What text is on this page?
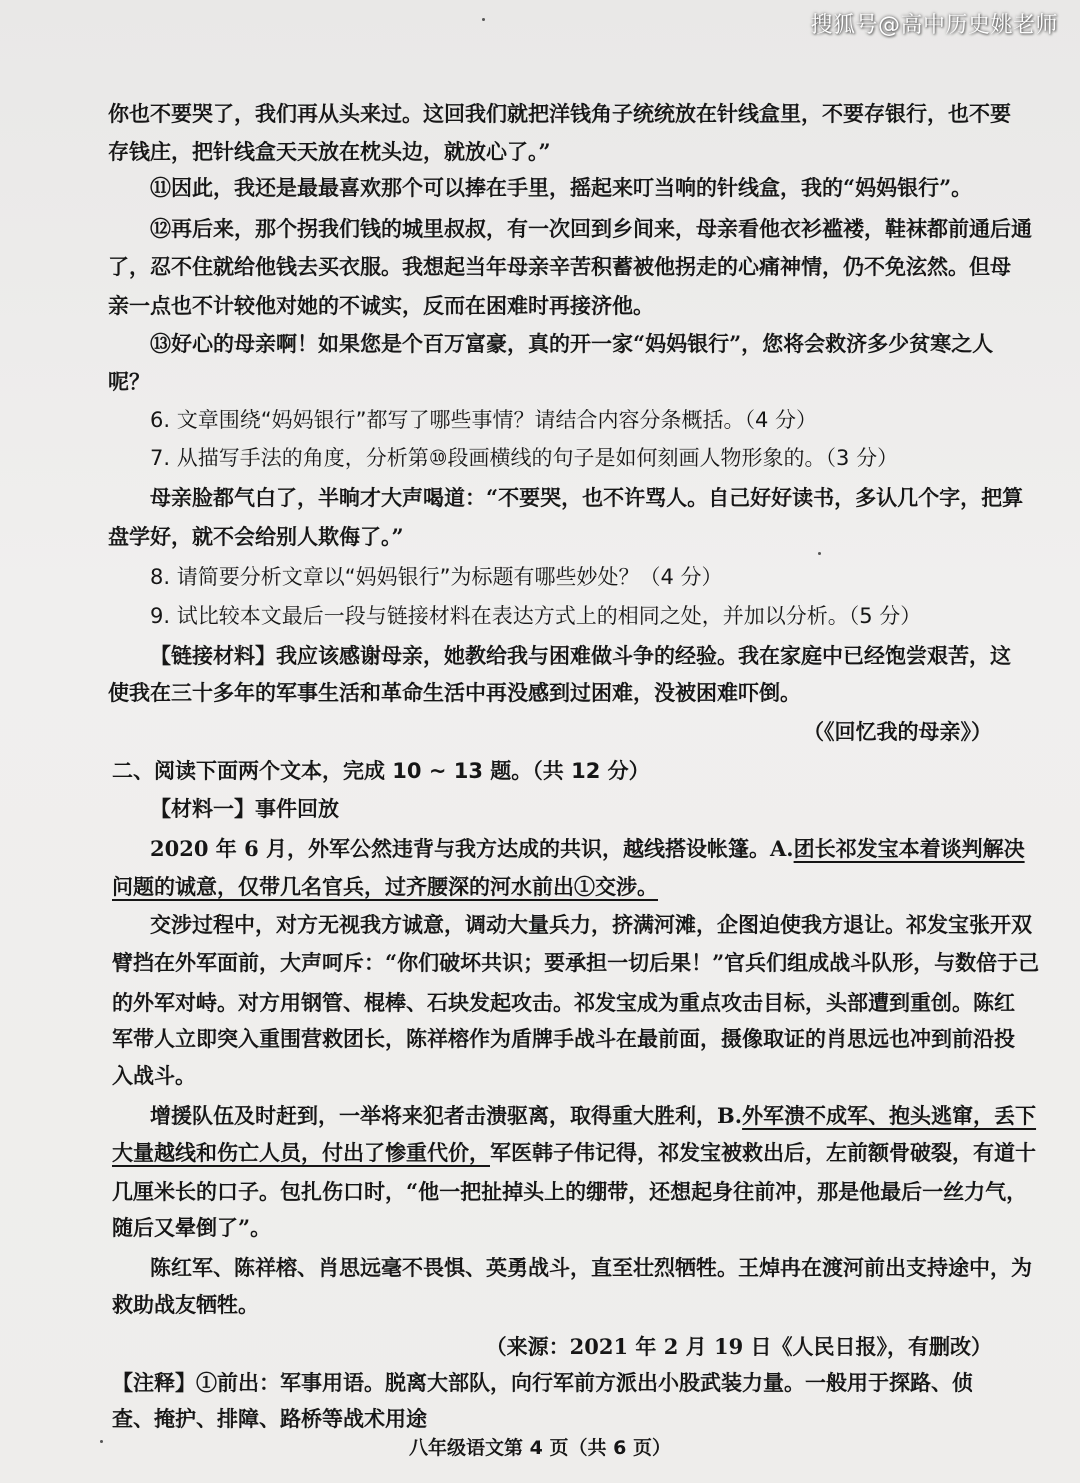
搜狐号@高中历史姚老师
你也不要哭了，我们再从头来过。这回我们就把洋钱角子统统放在针线盒里，不要存银行，也不要
存钱庄，把针线盒天天放在枕头边，就放心了。”
⑪因此，我还是最最喜欢那个可以捧在手里，摇起来叮当响的针线盒，我的“妈妈银行”。
⑫再后来，那个拐我们钱的城里叔叔，有一次回到乡间来，母亲看他衣衫褴褛，鞋袜都前通后通
了，忍不住就给他钱去买衣服。我想起当年母亲辛苦积蓄被他拐走的心痛神情，仍不免泫然。但母
亲一点也不计较他对她的不诚实，反而在困难时再接济他。
⑬好心的母亲啊！如果您是个百万富豪，真的开一家“妈妈银行”，您将会救济多少贫寒之人
呢？
6. 文章围绕“妈妈银行”都写了哪些事情？请结合内容分条概括。（4 分）
7. 从描写手法的角度，分析第⑩段画横线的句子是如何刻画人物形象的。（3 分）
母亲脸都气白了，半晌才大声喝道：“不要哭，也不许骂人。自己好好读书，多认几个字，把算
盘学好，就不会给别人欺侮了。”
8. 请简要分析文章以“妈妈银行”为标题有哪些妙处？（4 分）
9. 试比较本文最后一段与链接材料在表达方式上的相同之处，并加以分析。（5 分）
【链接材料】我应该感谢母亲，她教给我与困难做斗争的经验。我在家庭中已经饱尝艰苦，这
使我在三十多年的军事生活和革命生活中再没感到过困难，没被困难吓倒。
（《回忆我的母亲》）
二、阅读下面两个文本，完成 10 ~ 13 题。（共 12 分）
【材料一】事件回放
2020 年 6 月，外军公然违背与我方达成的共识，越线搭设帐篷。A.团长祁发宝本着谈判解决
问题的诚意，仅带几名官兵，过齐腰深的河水前出①交涉。
交涉过程中，对方无视我方诚意，调动大量兵力，挤满河滩，企图迫使我方退让。祁发宝张开双
臂挡在外军面前，大声呵斥：“你们破坏共识；要承担一切后果！”官兵们组成战斗队形，与数倍于己
的外军对峙。对方用钢管、棍棒、石块发起攻击。祁发宝成为重点攻击目标，头部遭到重创。陈红
军带人立即突入重围营救团长，陈祥榕作为盾牌手战斗在最前面，摄像取证的肖思远也冲到前沿投
入战斗。
增援队伍及时赶到，一举将来犯者击溃驱离，取得重大胜利，B.外军溃不成军、抱头逃窜，丢下
大量越线和伤亡人员，付出了惨重代价，军医韩子伟记得，祁发宝被救出后，左前额骨破裂，有道十
几厘米长的口子。包扎伤口时，“他一把扯掉头上的绷带，还想起身往前冲，那是他最后一丝力气，
随后又晕倒了”。
陈红军、陈祥榕、肖思远毫不畏惧、英勇战斗，直至壮烈牺牲。王焯冉在渡河前出支持途中，为
救助战友牺牲。
（来源：2021 年 2 月 19 日《人民日报》，有删改）
【注释】①前出：军事用语。脱离大部队，向行军前方派出小股武装力量。一般用于探路、侦
查、掩护、排障、路桥等战术用途
八年级语文第 4 页（共 6 页）
